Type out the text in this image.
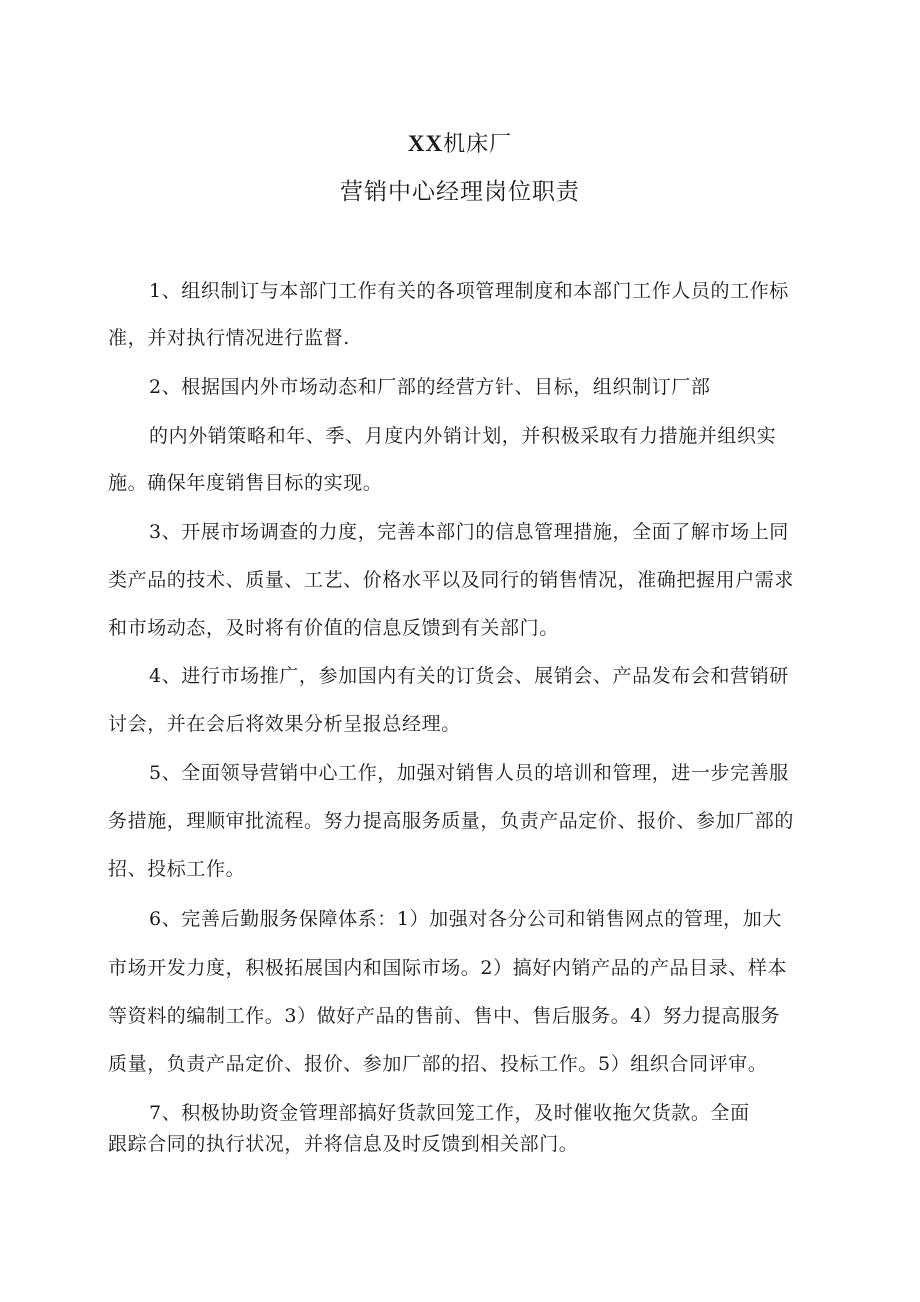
XX机床厂
营销中心经理岗位职责
1、组织制订与本部门工作有关的各项管理制度和本部门工作人员的工作标
准，并对执行情况进行监督.
2、根据国内外市场动态和厂部的经营方针、目标，组织制订厂部
的内外销策略和年、季、月度内外销计划，并积极采取有力措施并组织实
施。确保年度销售目标的实现。
3、开展市场调查的力度，完善本部门的信息管理措施，全面了解市场上同
类产品的技术、质量、工艺、价格水平以及同行的销售情况，准确把握用户需求
和市场动态，及时将有价值的信息反馈到有关部门。
4、进行市场推广，参加国内有关的订货会、展销会、产品发布会和营销研
讨会，并在会后将效果分析呈报总经理。
5、全面领导营销中心工作，加强对销售人员的培训和管理，进一步完善服
务措施，理顺审批流程。努力提高服务质量，负责产品定价、报价、参加厂部的
招、投标工作。
6、完善后勤服务保障体系：1）加强对各分公司和销售网点的管理，加大
市场开发力度，积极拓展国内和国际市场。2）搞好内销产品的产品目录、样本
等资料的编制工作。3）做好产品的售前、售中、售后服务。4）努力提高服务
质量，负责产品定价、报价、参加厂部的招、投标工作。5）组织合同评审。
7、积极协助资金管理部搞好货款回笼工作，及时催收拖欠货款。全面
跟踪合同的执行状况，并将信息及时反馈到相关部门。
